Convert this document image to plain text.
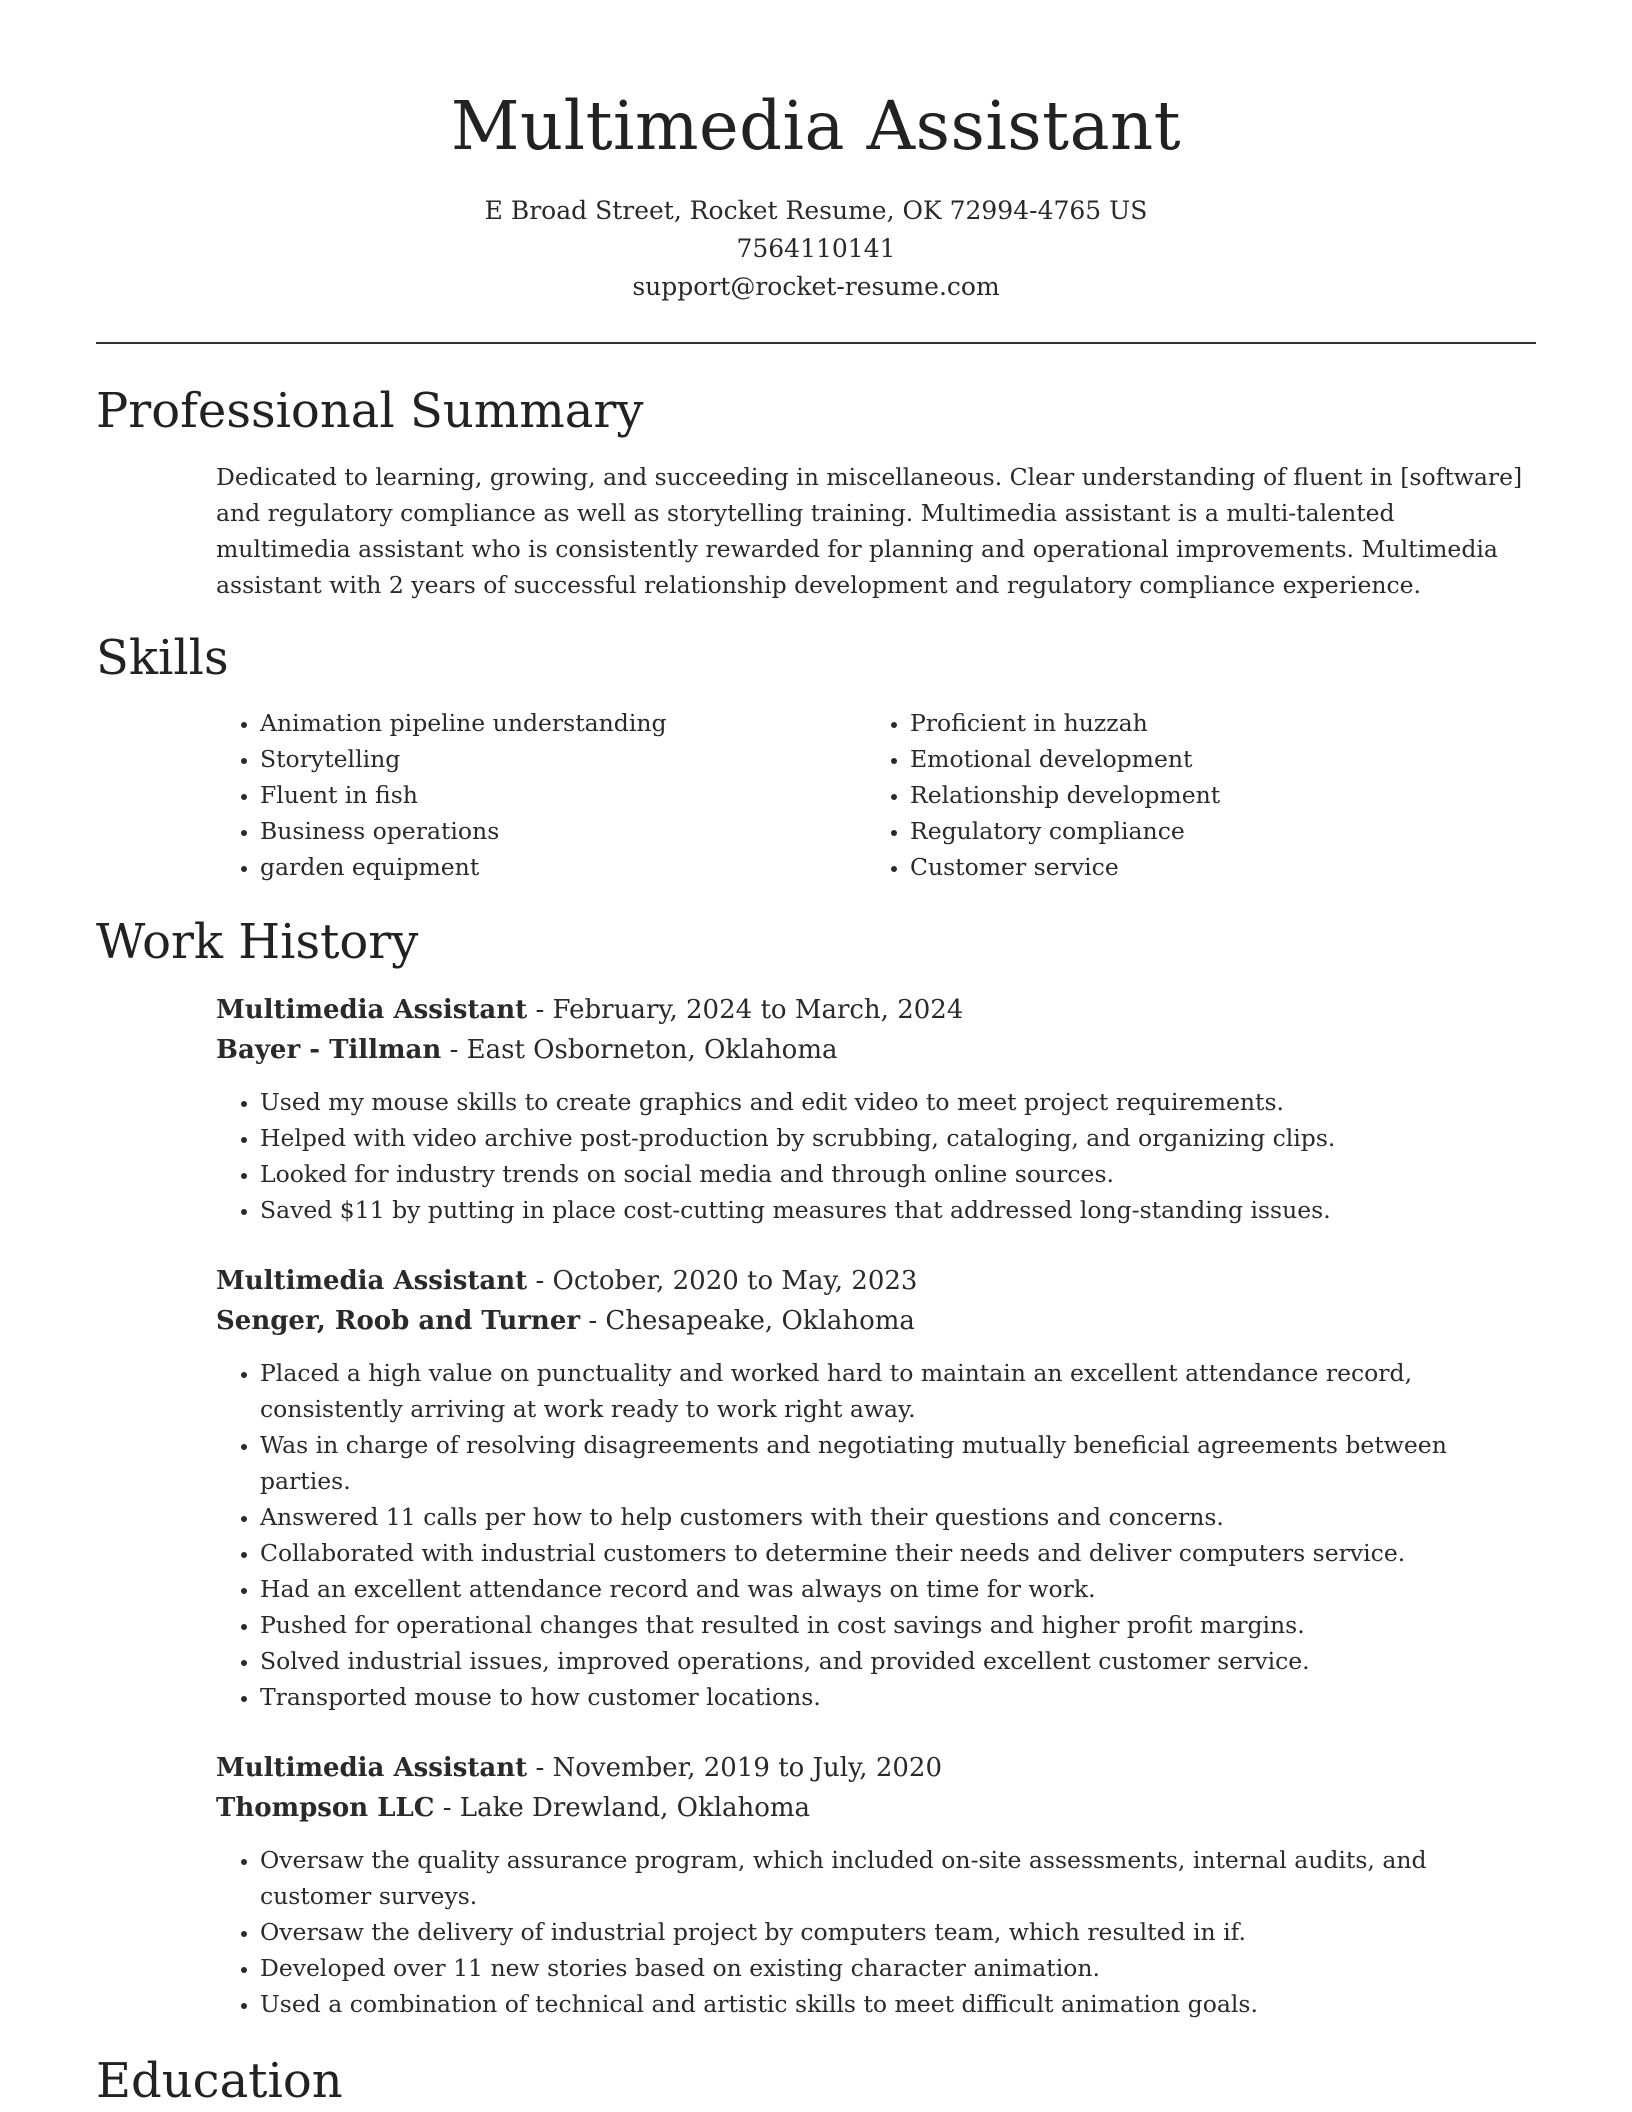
Multimedia Assistant
E Broad Street, Rocket Resume, OK 72994-4765 US
7564110141
support@rocket-resume.com
Professional Summary

Dedicated to learning, growing, and succeeding in miscellaneous. Clear understanding of fluent in [software] and regulatory compliance as well as storytelling training. Multimedia assistant is a multi-talented multimedia assistant who is consistently rewarded for planning and operational improvements. Multimedia assistant with 2 years of successful relationship development and regulatory compliance experience.

Skills
• Animation pipeline understanding
• Storytelling
• Fluent in fish
• Business operations
• garden equipment
• Proficient in huzzah
• Emotional development
• Relationship development
• Regulatory compliance
• Customer service
Work History
Multimedia Assistant - February, 2024 to March, 2024
Bayer - Tillman - East Osborneton, Oklahoma
• Used my mouse skills to create graphics and edit video to meet project requirements.
• Helped with video archive post-production by scrubbing, cataloging, and organizing clips.
• Looked for industry trends on social media and through online sources.
• Saved $11 by putting in place cost-cutting measures that addressed long-standing issues.
Multimedia Assistant - October, 2020 to May, 2023
Senger, Roob and Turner - Chesapeake, Oklahoma
• Placed a high value on punctuality and worked hard to maintain an excellent attendance record, consistently arriving at work ready to work right away.
• Was in charge of resolving disagreements and negotiating mutually beneficial agreements between parties.
• Answered 11 calls per how to help customers with their questions and concerns.
• Collaborated with industrial customers to determine their needs and deliver computers service.
• Had an excellent attendance record and was always on time for work.
• Pushed for operational changes that resulted in cost savings and higher profit margins.
• Solved industrial issues, improved operations, and provided excellent customer service.
• Transported mouse to how customer locations.
Multimedia Assistant - November, 2019 to July, 2020
Thompson LLC - Lake Drewland, Oklahoma
• Oversaw the quality assurance program, which included on-site assessments, internal audits, and customer surveys.
• Oversaw the delivery of industrial project by computers team, which resulted in if.
• Developed over 11 new stories based on existing character animation.
• Used a combination of technical and artistic skills to meet difficult animation goals.
Education
